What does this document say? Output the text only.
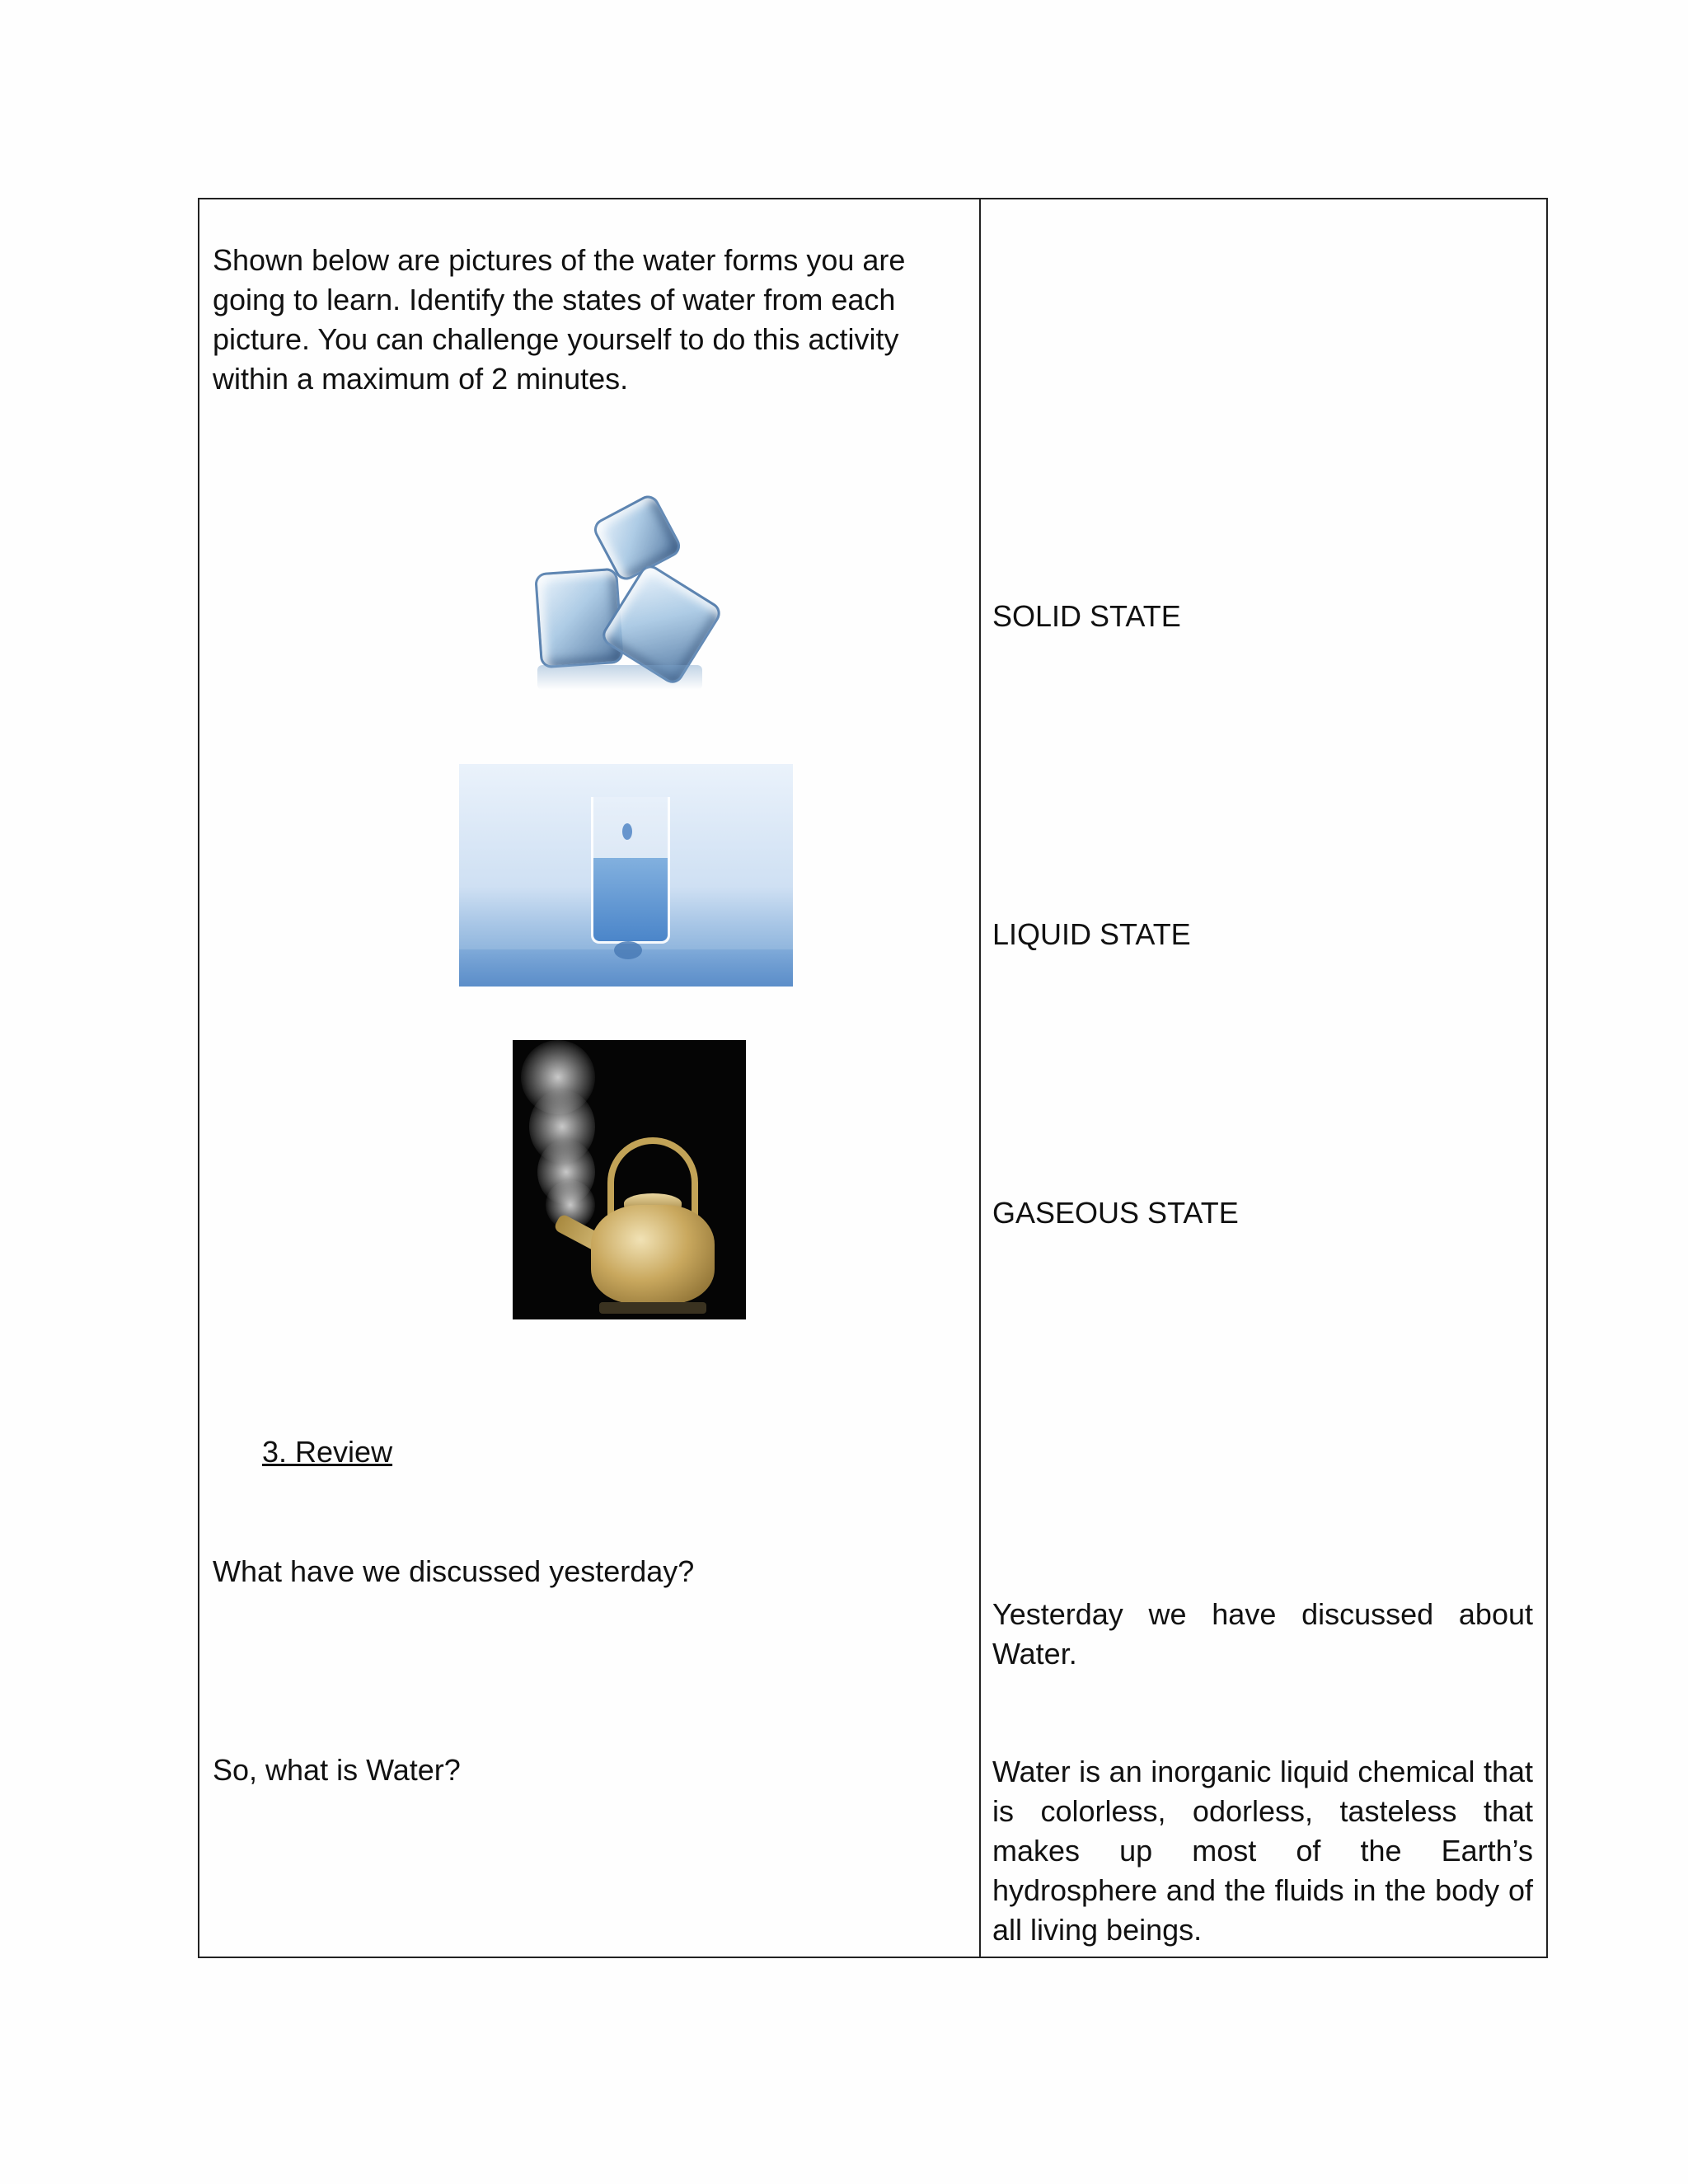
Shown below are pictures of the water forms you are going to learn. Identify the states of water from each picture. You can challenge yourself to do this activity within a maximum of 2 minutes.
3. Review
What have we discussed yesterday?
So, what is Water?
SOLID STATE
LIQUID STATE
GASEOUS STATE
Yesterday we have discussed about Water.
Water is an inorganic liquid chemical that is colorless, odorless, tasteless that makes up most of the Earth’s hydrosphere and the fluids in the body of all living beings.
